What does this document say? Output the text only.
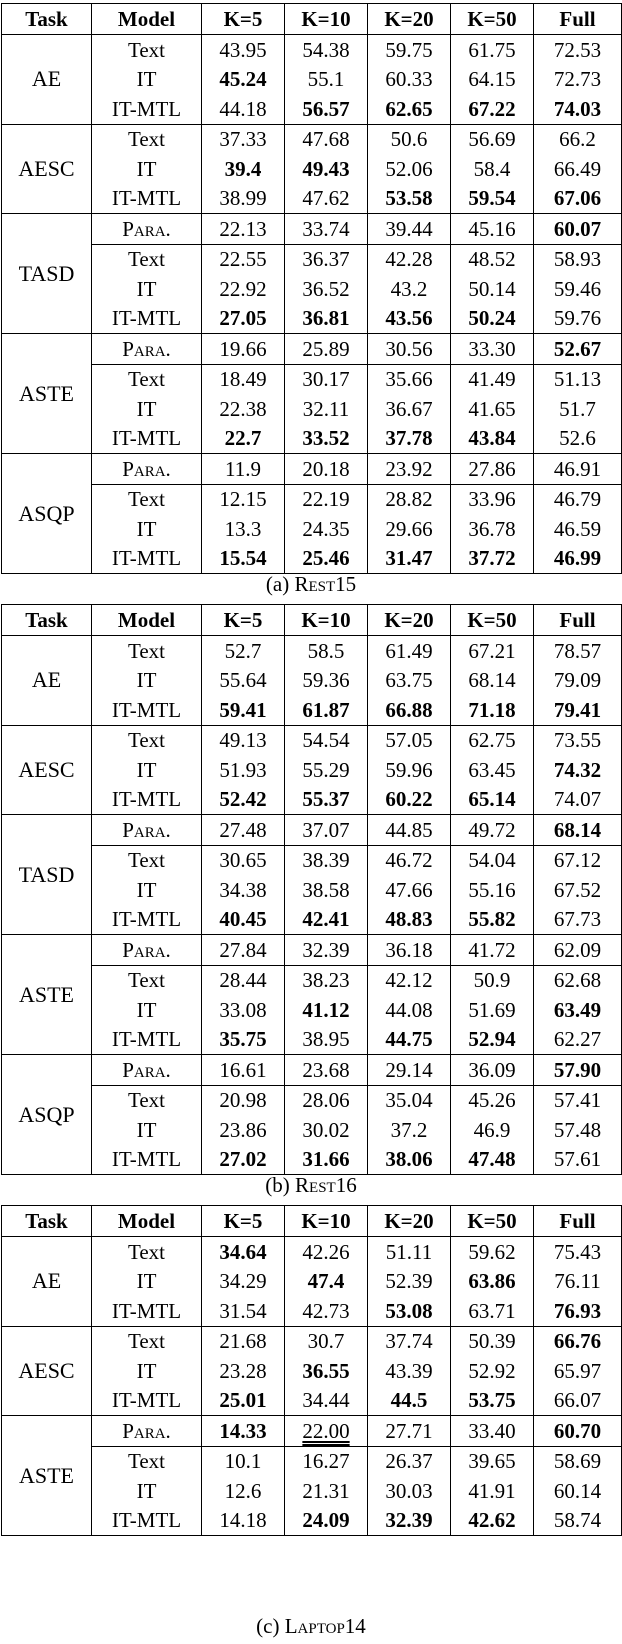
Task	Model	K=5	K=10	K=20	K=50	Full
AE	Text	43.95	54.38	59.75	61.75	72.53
	IT	45.24	55.1	60.33	64.15	72.73
	IT-MTL	44.18	56.57	62.65	67.22	74.03
AESC	Text	37.33	47.68	50.6	56.69	66.2
	IT	39.4	49.43	52.06	58.4	66.49
	IT-MTL	38.99	47.62	53.58	59.54	67.06
TASD	Para.	22.13	33.74	39.44	45.16	60.07
	Text	22.55	36.37	42.28	48.52	58.93
	IT	22.92	36.52	43.2	50.14	59.46
	IT-MTL	27.05	36.81	43.56	50.24	59.76
ASTE	Para.	19.66	25.89	30.56	33.30	52.67
	Text	18.49	30.17	35.66	41.49	51.13
	IT	22.38	32.11	36.67	41.65	51.7
	IT-MTL	22.7	33.52	37.78	43.84	52.6
ASQP	Para.	11.9	20.18	23.92	27.86	46.91
	Text	12.15	22.19	28.82	33.96	46.79
	IT	13.3	24.35	29.66	36.78	46.59
	IT-MTL	15.54	25.46	31.47	37.72	46.99
(a) Rest15
Task	Model	K=5	K=10	K=20	K=50	Full
AE	Text	52.7	58.5	61.49	67.21	78.57
	IT	55.64	59.36	63.75	68.14	79.09
	IT-MTL	59.41	61.87	66.88	71.18	79.41
AESC	Text	49.13	54.54	57.05	62.75	73.55
	IT	51.93	55.29	59.96	63.45	74.32
	IT-MTL	52.42	55.37	60.22	65.14	74.07
TASD	Para.	27.48	37.07	44.85	49.72	68.14
	Text	30.65	38.39	46.72	54.04	67.12
	IT	34.38	38.58	47.66	55.16	67.52
	IT-MTL	40.45	42.41	48.83	55.82	67.73
ASTE	Para.	27.84	32.39	36.18	41.72	62.09
	Text	28.44	38.23	42.12	50.9	62.68
	IT	33.08	41.12	44.08	51.69	63.49
	IT-MTL	35.75	38.95	44.75	52.94	62.27
ASQP	Para.	16.61	23.68	29.14	36.09	57.90
	Text	20.98	28.06	35.04	45.26	57.41
	IT	23.86	30.02	37.2	46.9	57.48
	IT-MTL	27.02	31.66	38.06	47.48	57.61
(b) Rest16
Task	Model	K=5	K=10	K=20	K=50	Full
AE	Text	34.64	42.26	51.11	59.62	75.43
	IT	34.29	47.4	52.39	63.86	76.11
	IT-MTL	31.54	42.73	53.08	63.71	76.93
AESC	Text	21.68	30.7	37.74	50.39	66.76
	IT	23.28	36.55	43.39	52.92	65.97
	IT-MTL	25.01	34.44	44.5	53.75	66.07
ASTE	Para.	14.33	22.00	27.71	33.40	60.70
	Text	10.1	16.27	26.37	39.65	58.69
	IT	12.6	21.31	30.03	41.91	60.14
	IT-MTL	14.18	24.09	32.39	42.62	58.74
(c) Laptop14
